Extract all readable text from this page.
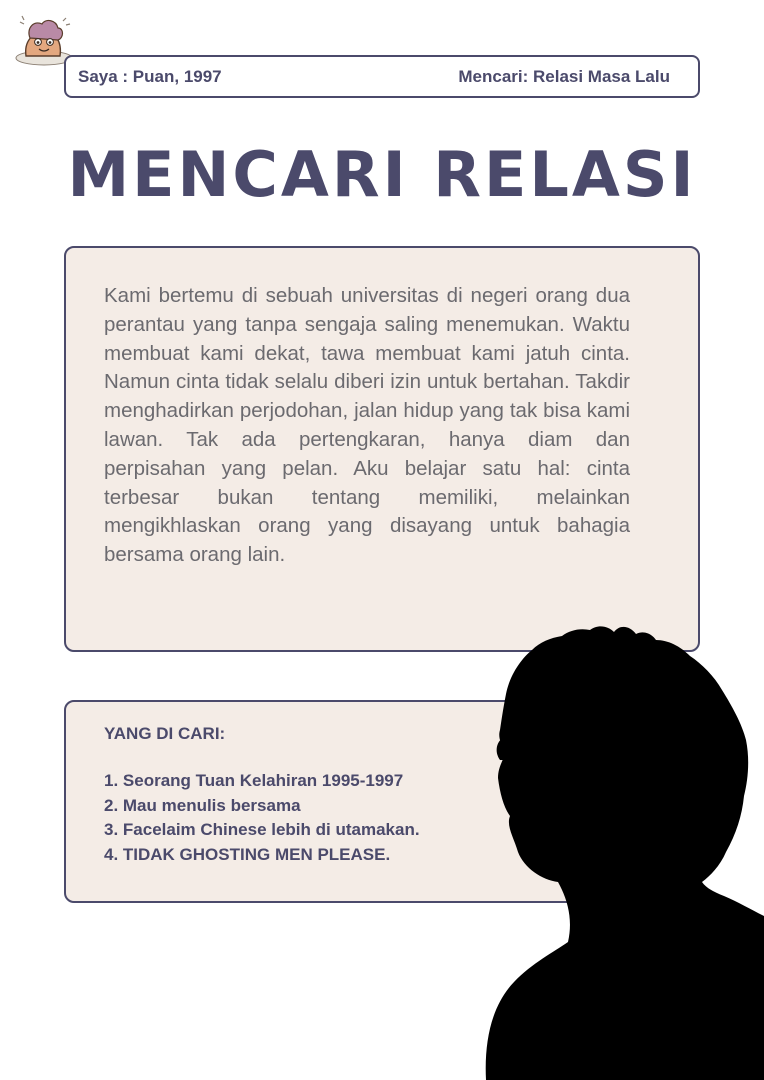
Saya : Puan, 1997	Mencari: Relasi Masa Lalu
MENCARI RELASI

Kami bertemu di sebuah universitas di negeri orang dua perantau yang tanpa sengaja saling menemukan. Waktu membuat kami dekat, tawa membuat kami jatuh cinta. Namun cinta tidak selalu diberi izin untuk bertahan. Takdir menghadirkan perjodohan, jalan hidup yang tak bisa kami lawan. Tak ada pertengkaran, hanya diam dan perpisahan yang pelan. Aku belajar satu hal: cinta terbesar bukan tentang memiliki, melainkan mengikhlaskan orang yang disayang untuk bahagia bersama orang lain.

YANG DI CARI:
1. Seorang Tuan Kelahiran 1995-1997
2. Mau menulis bersama
3. Facelaim Chinese lebih di utamakan.
4. TIDAK GHOSTING MEN PLEASE.
